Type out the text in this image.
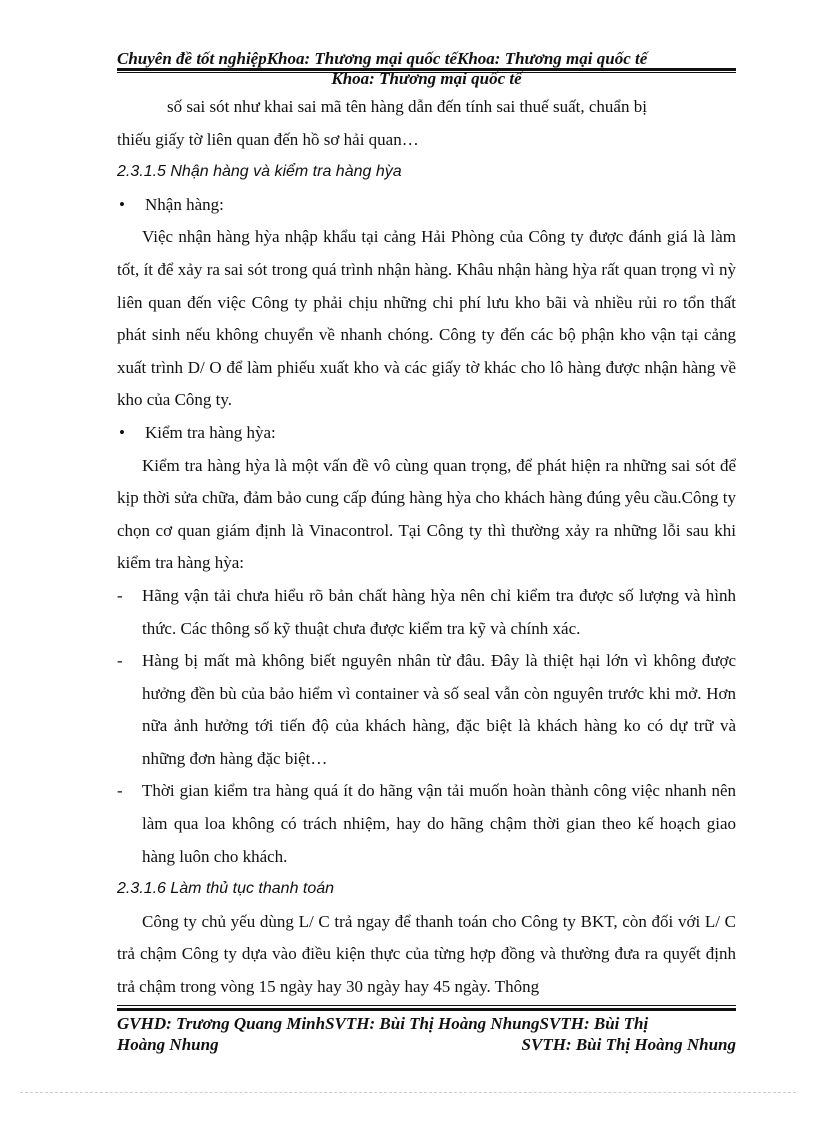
Chuyên đề tốt nghiệpKhoa: Thương mại quốc tếKhoa: Thương mại quốc tế
Khoa: Thương mại quốc tế

số sai sót như khai sai mã tên hàng dẫn đến tính sai thuế suất, chuẩn bị

thiếu giấy tờ liên quan đến hồ sơ hải quan…

2.3.1.5 Nhận hàng và kiểm tra hàng hỳa

• Nhận hàng:

Việc nhận hàng hỳa nhập khẩu tại cảng Hải Phòng của Công ty được đánh giá là làm tốt, ít để xảy ra sai sót trong quá trình nhận hàng. Khâu nhận hàng hỳa rất quan trọng vì nỳ liên quan đến việc Công ty phải chịu những chi phí lưu kho bãi và nhiều rủi ro tổn thất phát sinh nếu không chuyển về nhanh chóng. Công ty đến các bộ phận kho vận tại cảng xuất trình D/ O để làm phiếu xuất kho và các giấy tờ khác cho lô hàng được nhận hàng về kho của Công ty.

• Kiểm tra hàng hỳa:

Kiểm tra hàng hỳa là một vấn đề vô cùng quan trọng, để phát hiện ra những sai sót để kịp thời sửa chữa, đảm bảo cung cấp đúng hàng hỳa cho khách hàng đúng yêu cầu.Công ty chọn cơ quan giám định là Vinacontrol. Tại Công ty thì thường xảy ra những lỗi sau khi kiểm tra hàng hỳa:

- Hãng vận tải chưa hiểu rõ bản chất hàng hỳa nên chỉ kiểm tra được số lượng và hình thức. Các thông số kỹ thuật chưa được kiểm tra kỹ và chính xác.
- Hàng bị mất mà không biết nguyên nhân từ đâu. Đây là thiệt hại lớn vì không được hưởng đền bù của bảo hiểm vì container và số seal vẫn còn nguyên trước khi mở. Hơn nữa ảnh hưởng tới tiến độ của khách hàng, đặc biệt là khách hàng ko có dự trữ và những đơn hàng đặc biệt…
- Thời gian kiểm tra hàng quá ít do hãng vận tải muốn hoàn thành công việc nhanh nên làm qua loa không có trách nhiệm, hay do hãng chậm thời gian theo kế hoạch giao hàng luôn cho khách.

2.3.1.6 Làm thủ tục thanh toán

Công ty chủ yếu dùng L/ C trả ngay để thanh toán cho Công ty BKT, còn đối với L/ C trả chậm Công ty dựa vào điều kiện thực của từng hợp đồng và thường đưa ra quyết định trả chậm trong vòng 15 ngày hay 30 ngày hay 45 ngày. Thông

GVHD: Trương Quang MinhSVTH: Bùi Thị Hoàng NhungSVTH: Bùi Thị
Hoàng Nhung	SVTH: Bùi Thị Hoàng Nhung
